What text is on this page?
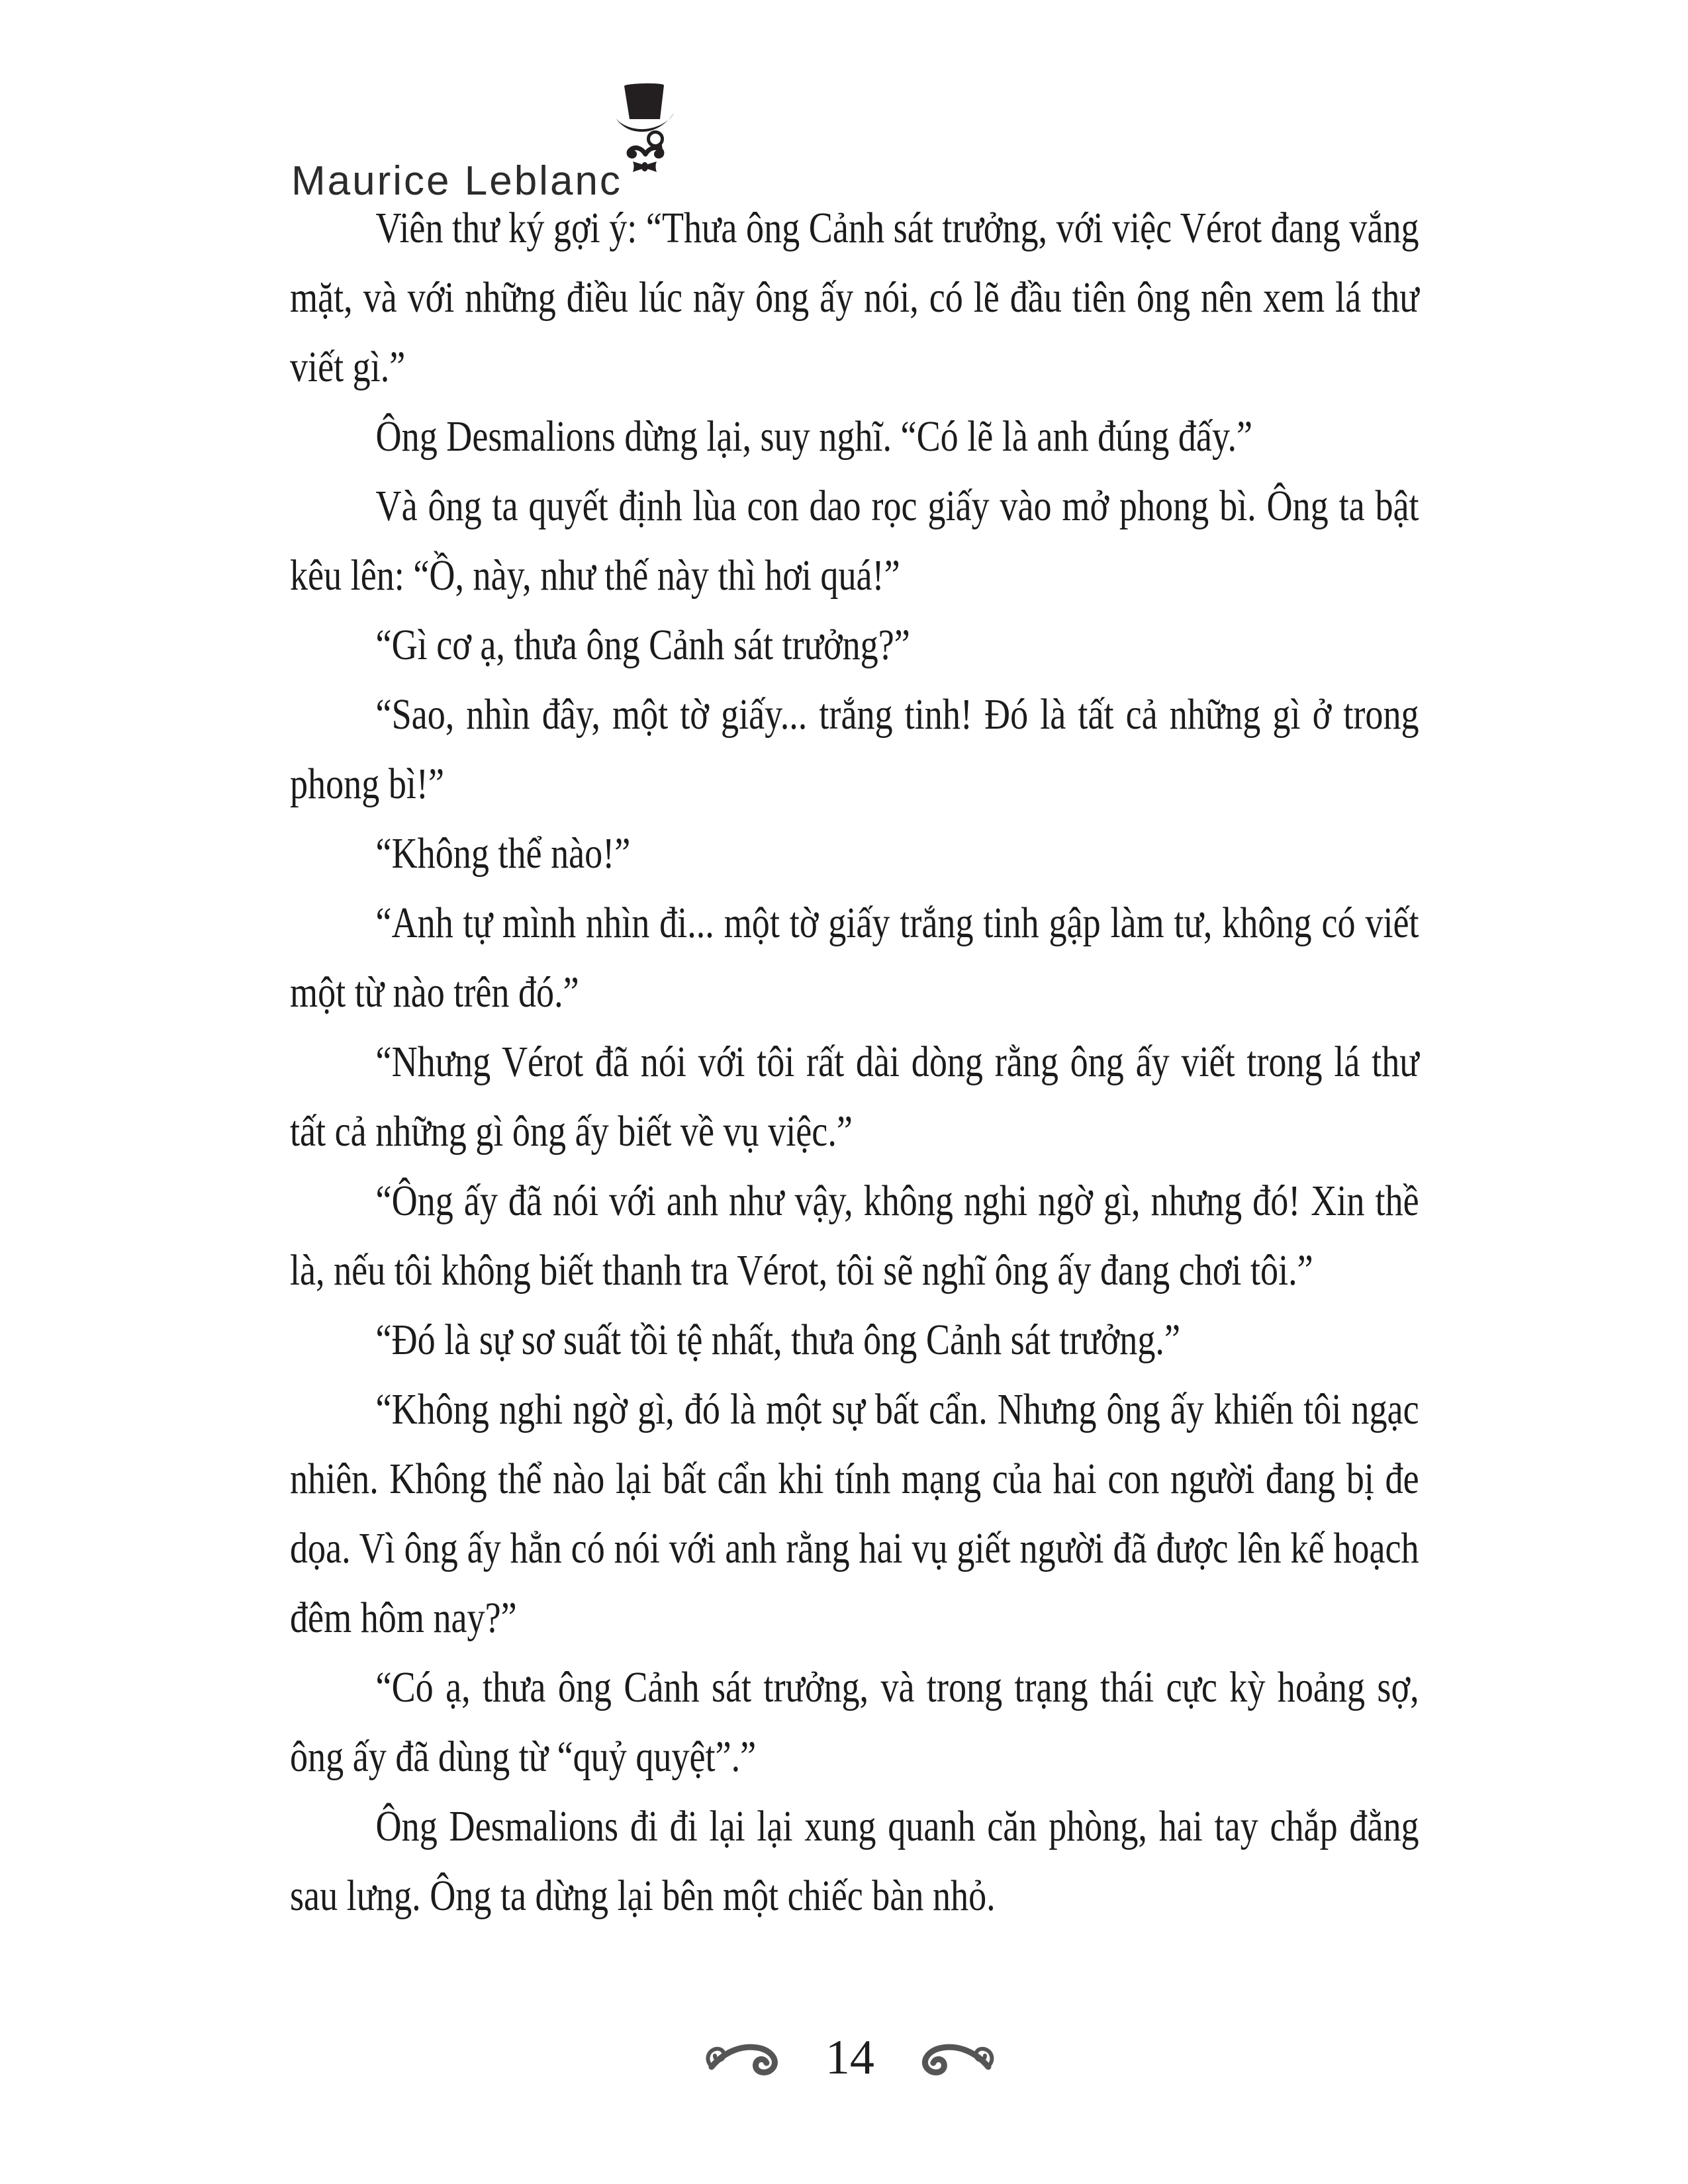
Maurice Leblanc

Viên thư ký gợi ý: “Thưa ông Cảnh sát trưởng, với việc Vérot đang vắng mặt, và với những điều lúc nãy ông ấy nói, có lẽ đầu tiên ông nên xem lá thư viết gì.”

Ông Desmalions dừng lại, suy nghĩ. “Có lẽ là anh đúng đấy.”

Và ông ta quyết định lùa con dao rọc giấy vào mở phong bì. Ông ta bật kêu lên: “Ồ, này, như thế này thì hơi quá!”

“Gì cơ ạ, thưa ông Cảnh sát trưởng?”

“Sao, nhìn đây, một tờ giấy... trắng tinh! Đó là tất cả những gì ở trong phong bì!”

“Không thể nào!”

“Anh tự mình nhìn đi... một tờ giấy trắng tinh gập làm tư, không có viết một từ nào trên đó.”

“Nhưng Vérot đã nói với tôi rất dài dòng rằng ông ấy viết trong lá thư tất cả những gì ông ấy biết về vụ việc.”

“Ông ấy đã nói với anh như vậy, không nghi ngờ gì, nhưng đó! Xin thề là, nếu tôi không biết thanh tra Vérot, tôi sẽ nghĩ ông ấy đang chơi tôi.”

“Đó là sự sơ suất tồi tệ nhất, thưa ông Cảnh sát trưởng.”

“Không nghi ngờ gì, đó là một sự bất cẩn. Nhưng ông ấy khiến tôi ngạc nhiên. Không thể nào lại bất cẩn khi tính mạng của hai con người đang bị đe dọa. Vì ông ấy hẳn có nói với anh rằng hai vụ giết người đã được lên kế hoạch đêm hôm nay?”

“Có ạ, thưa ông Cảnh sát trưởng, và trong trạng thái cực kỳ hoảng sợ, ông ấy đã dùng từ “quỷ quyệt”.”

Ông Desmalions đi đi lại lại xung quanh căn phòng, hai tay chắp đằng sau lưng. Ông ta dừng lại bên một chiếc bàn nhỏ.

14
